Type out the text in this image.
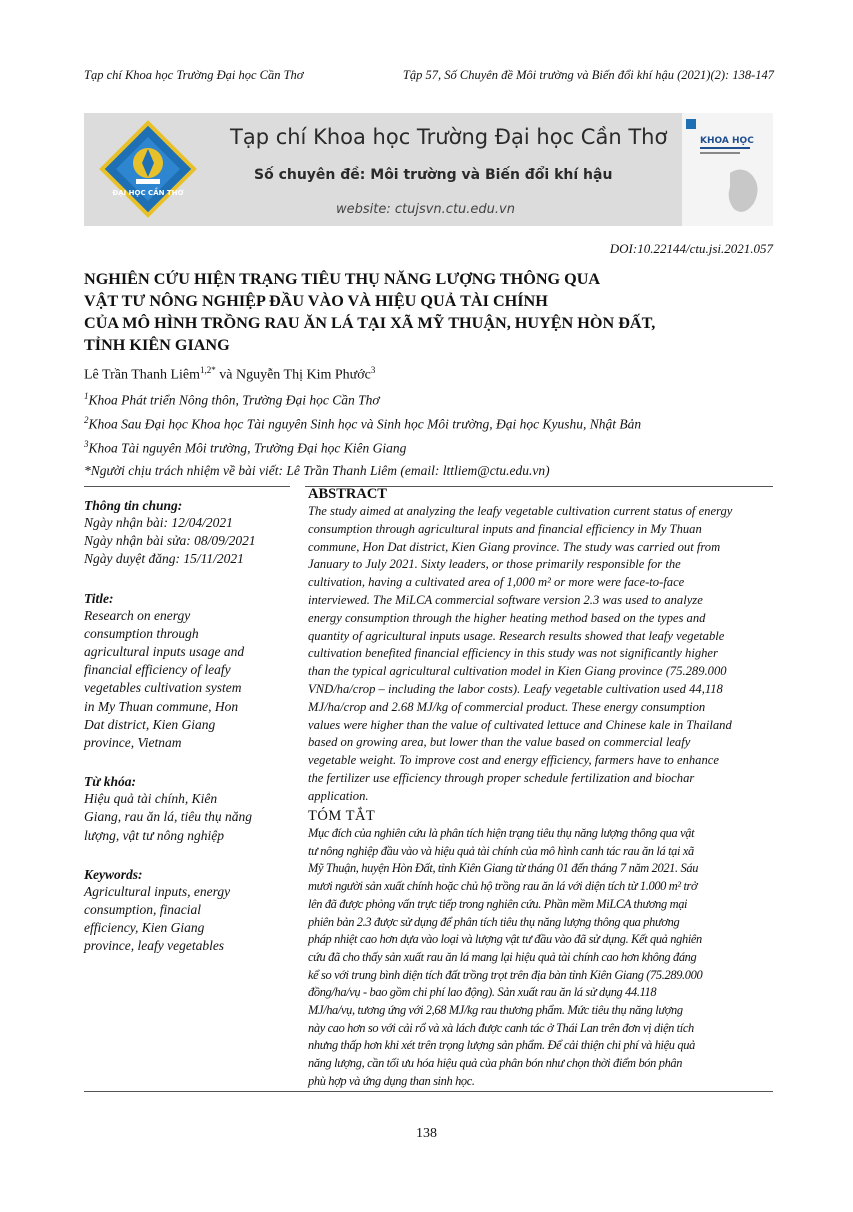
Tạp chí Khoa học Trường Đại học Cần Thơ	Tập 57, Số Chuyên đề Môi trường và Biến đổi khí hậu (2021)(2): 138-147
ĐẠI HỌC CẦN THƠ
Tạp chí Khoa học Trường Đại học Cần Thơ
Số chuyên đề: Môi trường và Biến đổi khí hậu
website: ctujsvn.ctu.edu.vn
KHOA HỌC
DOI:10.22144/ctu.jsi.2021.057
NGHIÊN CỨU HIỆN TRẠNG TIÊU THỤ NĂNG LƯỢNG THÔNG QUA
VẬT TƯ NÔNG NGHIỆP ĐẦU VÀO VÀ HIỆU QUẢ TÀI CHÍNH
CỦA MÔ HÌNH TRỒNG RAU ĂN LÁ TẠI XÃ MỸ THUẬN, HUYỆN HÒN ĐẤT,
TỈNH KIÊN GIANG
Lê Trần Thanh Liêm$^{1,2*}$ và Nguyễn Thị Kim Phước$^3$
$^1$Khoa Phát triển Nông thôn, Trường Đại học Cần Thơ
$^2$Khoa Sau Đại học Khoa học Tài nguyên Sinh học và Sinh học Môi trường, Đại học Kyushu, Nhật Bản
$^3$Khoa Tài nguyên Môi trường, Trường Đại học Kiên Giang
*Người chịu trách nhiệm về bài viết: Lê Trần Thanh Liêm (email: lttliem@ctu.edu.vn)
Thông tin chung:
Ngày nhận bài: 12/04/2021
Ngày nhận bài sửa: 08/09/2021
Ngày duyệt đăng: 15/11/2021
Title:
Research on energy
consumption through
agricultural inputs usage and
financial efficiency of leafy
vegetables cultivation system
in My Thuan commune, Hon
Dat district, Kien Giang
province, Vietnam
Từ khóa:
Hiệu quả tài chính, Kiên
Giang, rau ăn lá, tiêu thụ năng
lượng, vật tư nông nghiệp
Keywords:
Agricultural inputs, energy
consumption, finacial
efficiency, Kien Giang
province, leafy vegetables
ABSTRACT
The study aimed at analyzing the leafy vegetable cultivation current status of energy
consumption through agricultural inputs and financial efficiency in My Thuan
commune, Hon Dat district, Kien Giang province. The study was carried out from
January to July 2021. Sixty leaders, or those primarily responsible for the
cultivation, having a cultivated area of 1,000 m² or more were face-to-face
interviewed. The MiLCA commercial software version 2.3 was used to analyze
energy consumption through the higher heating method based on the types and
quantity of agricultural inputs usage. Research results showed that leafy vegetable
cultivation benefited financial efficiency in this study was not significantly higher
than the typical agricultural cultivation model in Kien Giang province (75.289.000
VND/ha/crop – including the labor costs). Leafy vegetable cultivation used 44,118
MJ/ha/crop and 2.68 MJ/kg of commercial product. These energy consumption
values were higher than the value of cultivated lettuce and Chinese kale in Thailand
based on growing area, but lower than the value based on commercial leafy
vegetable weight. To improve cost and energy efficiency, farmers have to enhance
the fertilizer use efficiency through proper schedule fertilization and biochar
application.
TÓM TẮT
Mục đích của nghiên cứu là phân tích hiện trạng tiêu thụ năng lượng thông qua vật
tư nông nghiệp đầu vào và hiệu quả tài chính của mô hình canh tác rau ăn lá tại xã
Mỹ Thuận, huyện Hòn Đất, tỉnh Kiên Giang từ tháng 01 đến tháng 7 năm 2021. Sáu
mươi người sản xuất chính hoặc chủ hộ trồng rau ăn lá với diện tích từ 1.000 m² trở
lên đã được phỏng vấn trực tiếp trong nghiên cứu. Phần mềm MiLCA thương mại
phiên bản 2.3 được sử dụng để phân tích tiêu thụ năng lượng thông qua phương
pháp nhiệt cao hơn dựa vào loại và lượng vật tư đầu vào đã sử dụng. Kết quả nghiên
cứu đã cho thấy sản xuất rau ăn lá mang lại hiệu quả tài chính cao hơn không đáng
kể so với trung bình diện tích đất trồng trọt trên địa bàn tỉnh Kiên Giang (75.289.000
đồng/ha/vụ - bao gồm chi phí lao động). Sản xuất rau ăn lá sử dụng 44.118
MJ/ha/vụ, tương ứng với 2,68 MJ/kg rau thương phẩm. Mức tiêu thụ năng lượng
này cao hơn so với cải rổ và xà lách được canh tác ở Thái Lan trên đơn vị diện tích
nhưng thấp hơn khi xét trên trọng lượng sản phẩm. Để cải thiện chi phí và hiệu quả
năng lượng, cần tối ưu hóa hiệu quả của phân bón như chọn thời điểm bón phân
phù hợp và ứng dụng than sinh học.
138
